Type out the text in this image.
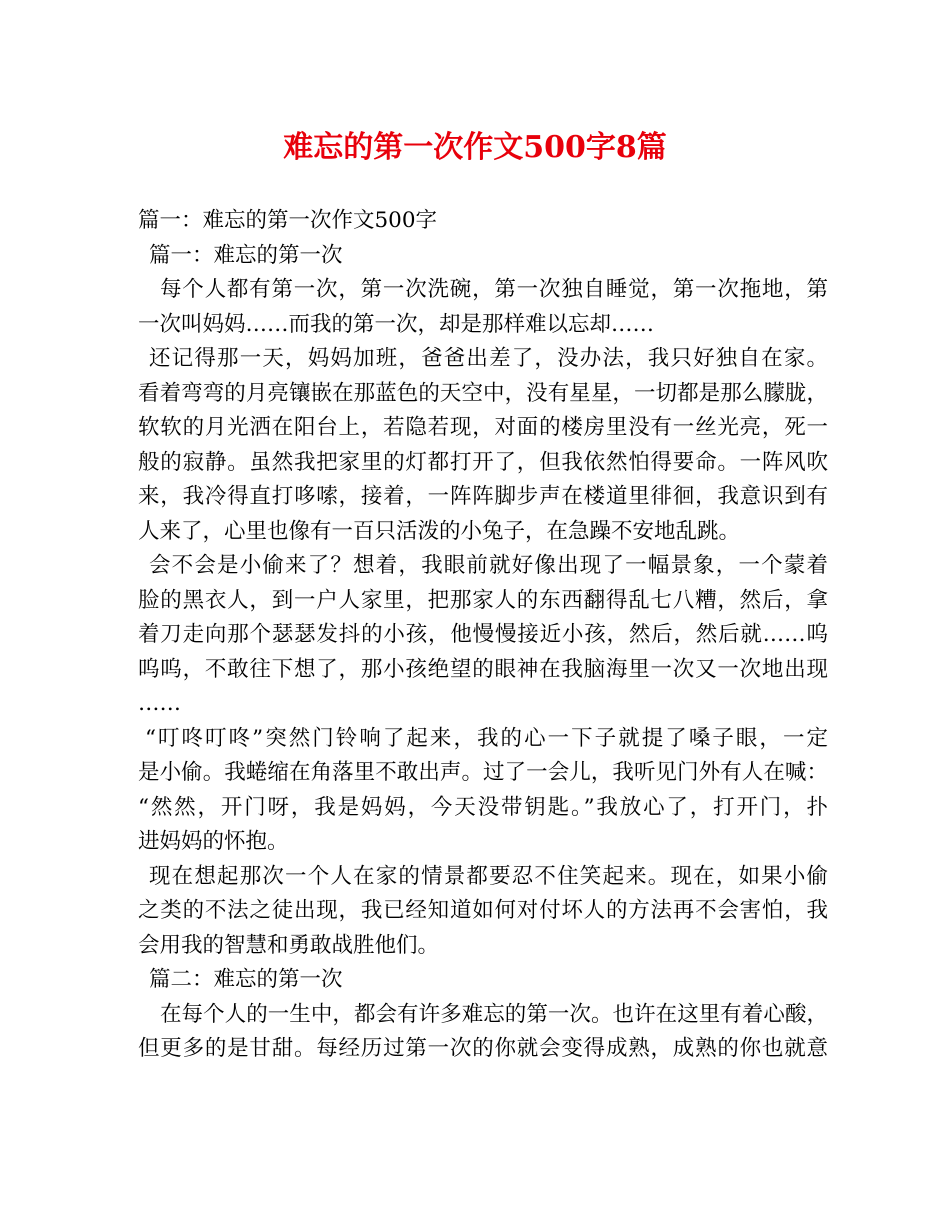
难忘的第一次作文500字8篇
篇一：难忘的第一次作文500字
篇一：难忘的第一次
每个人都有第一次，第一次洗碗，第一次独自睡觉，第一次拖地，第
一次叫妈妈……而我的第一次，却是那样难以忘却……
还记得那一天，妈妈加班，爸爸出差了，没办法，我只好独自在家。
看着弯弯的月亮镶嵌在那蓝色的天空中，没有星星，一切都是那么朦胧，
软软的月光洒在阳台上，若隐若现，对面的楼房里没有一丝光亮，死一
般的寂静。虽然我把家里的灯都打开了，但我依然怕得要命。一阵风吹
来，我冷得直打哆嗦，接着，一阵阵脚步声在楼道里徘徊，我意识到有
人来了，心里也像有一百只活泼的小兔子，在急躁不安地乱跳。
会不会是小偷来了？想着，我眼前就好像出现了一幅景象，一个蒙着
脸的黑衣人，到一户人家里，把那家人的东西翻得乱七八糟，然后，拿
着刀走向那个瑟瑟发抖的小孩，他慢慢接近小孩，然后，然后就……呜
呜呜，不敢往下想了，那小孩绝望的眼神在我脑海里一次又一次地出现
……
“叮咚叮咚”突然门铃响了起来，我的心一下子就提了嗓子眼，一定
是小偷。我蜷缩在角落里不敢出声。过了一会儿，我听见门外有人在喊：
“然然，开门呀，我是妈妈，今天没带钥匙。”我放心了，打开门，扑
进妈妈的怀抱。
现在想起那次一个人在家的情景都要忍不住笑起来。现在，如果小偷
之类的不法之徒出现，我已经知道如何对付坏人的方法再不会害怕，我
会用我的智慧和勇敢战胜他们。
篇二：难忘的第一次
在每个人的一生中，都会有许多难忘的第一次。也许在这里有着心酸，
但更多的是甘甜。每经历过第一次的你就会变得成熟，成熟的你也就意
